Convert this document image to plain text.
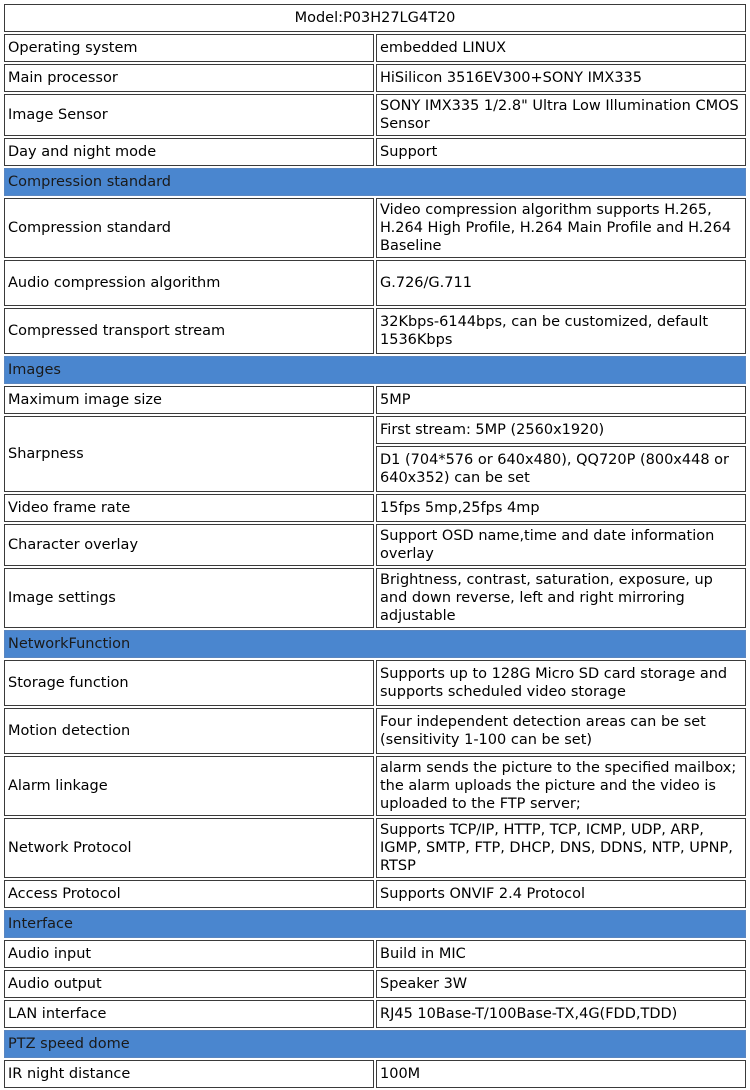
Model:P03H27LG4T20	
Operating system	embedded LINUX
Main processor	HiSilicon 3516EV300+SONY IMX335
Image Sensor	SONY IMX335 1/2.8" Ultra Low Illumination CMOS Sensor
Day and night mode	Support
Compression standard	
Compression standard	Video compression algorithm supports H.265, H.264 High Profile, H.264 Main Profile and H.264 Baseline
Audio compression algorithm	G.726/G.711
Compressed transport stream	32Kbps-6144bps, can be customized, default 1536Kbps
Images	
Maximum image size	5MP
Sharpness	First stream: 5MP (2560x1920)
	D1 (704*576 or 640x480), QQ720P (800x448 or 640x352) can be set
Video frame rate	15fps 5mp,25fps 4mp
Character overlay	Support OSD name,time and date information overlay
Image settings	Brightness, contrast, saturation, exposure, up and down reverse, left and right mirroring adjustable
NetworkFunction	
Storage function	Supports up to 128G Micro SD card storage and supports scheduled video storage
Motion detection	Four independent detection areas can be set (sensitivity 1-100 can be set)
Alarm linkage	alarm sends the picture to the specified mailbox; the alarm uploads the picture and the video is uploaded to the FTP server;
Network Protocol	Supports TCP/IP, HTTP, TCP, ICMP, UDP, ARP, IGMP, SMTP, FTP, DHCP, DNS, DDNS, NTP, UPNP, RTSP
Access Protocol	Supports ONVIF 2.4 Protocol
Interface	
Audio input	Build in MIC
Audio output	Speaker 3W
LAN interface	RJ45 10Base-T/100Base-TX,4G(FDD,TDD)
PTZ speed dome	
IR night distance	100M
